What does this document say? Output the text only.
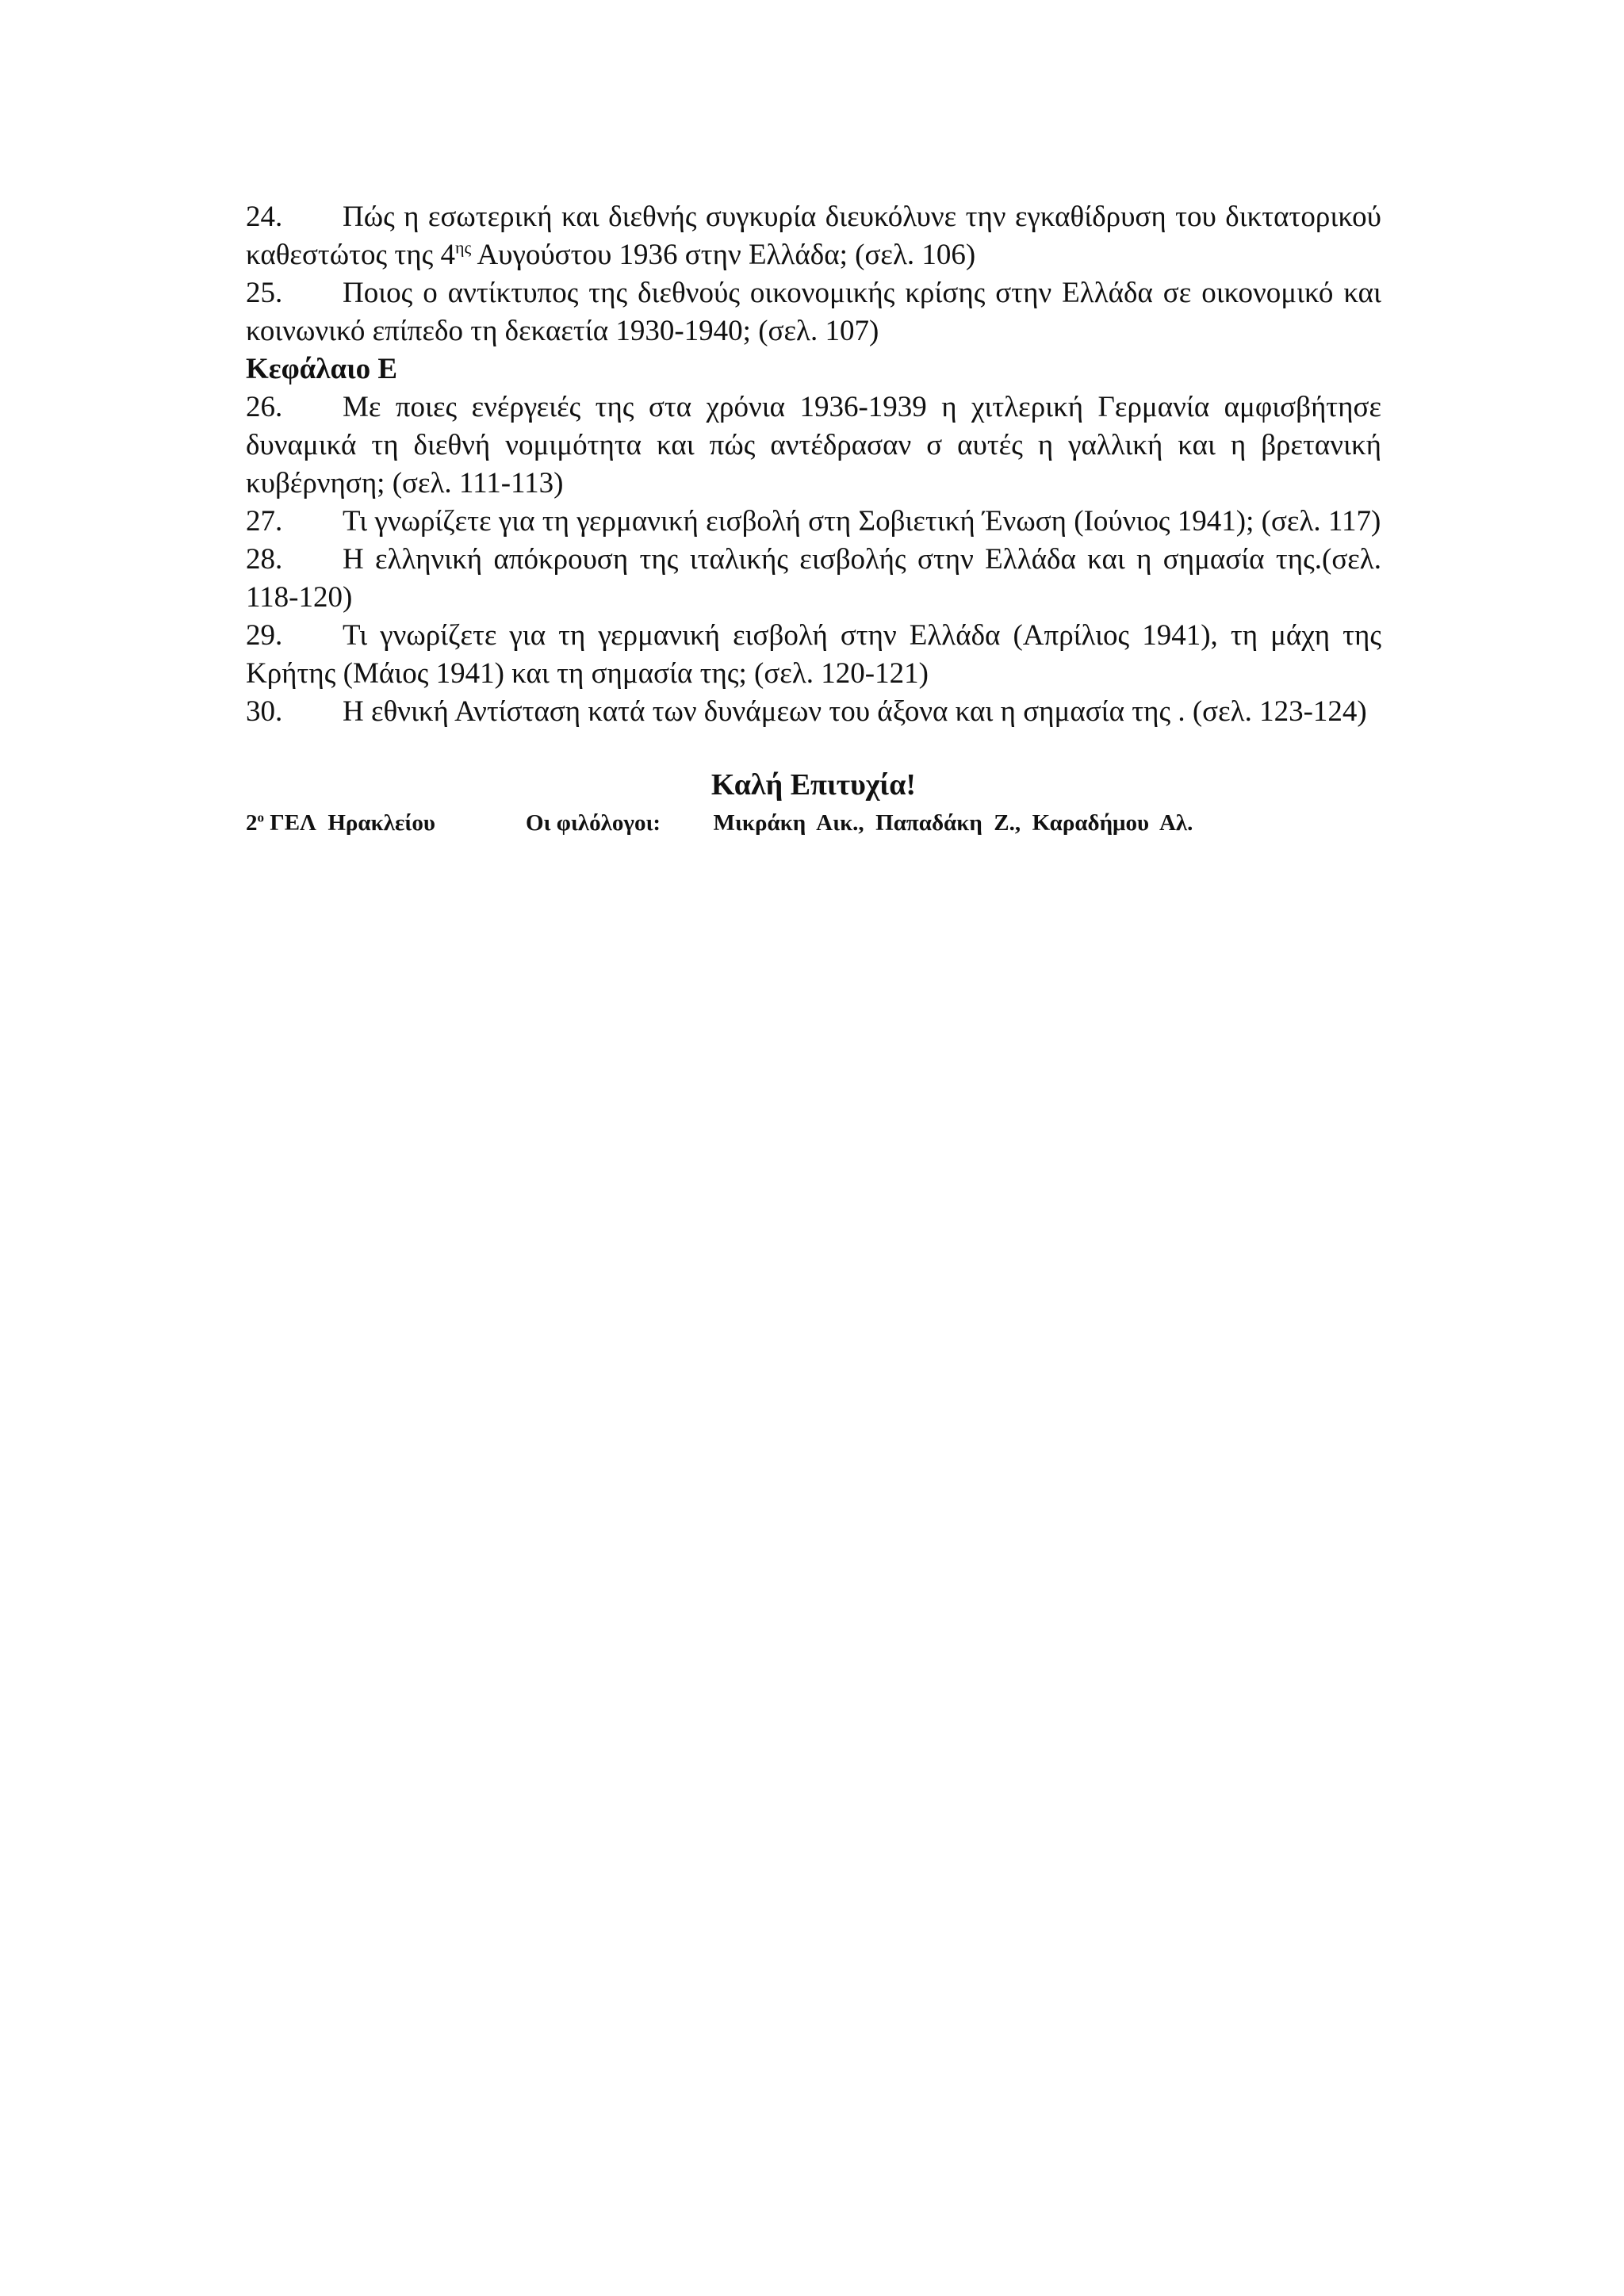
24. Πώς η εσωτερική και διεθνής συγκυρία διευκόλυνε την εγκαθίδρυση του δικτατορικού καθεστώτος της $4^{\eta\varsigma}$ Αυγούστου 1936 στην Ελλάδα; (σελ. 106)

25. Ποιος ο αντίκτυπος της διεθνούς οικονομικής κρίσης στην Ελλάδα σε οικονομικό και κοινωνικό επίπεδο τη δεκαετία 1930-1940; (σελ. 107)

Κεφάλαιο Ε

26. Με ποιες ενέργειές της στα χρόνια 1936-1939 η χιτλερική Γερμανία αμφισβήτησε δυναμικά τη διεθνή νομιμότητα και πώς αντέδρασαν σ αυτές η γαλλική και η βρετανική κυβέρνηση; (σελ. 111-113)

27. Τι γνωρίζετε για τη γερμανική εισβολή στη Σοβιετική Ένωση (Ιούνιος 1941); (σελ. 117)

28. Η ελληνική απόκρουση της ιταλικής εισβολής στην Ελλάδα και η σημασία της.(σελ. 118-120)

29. Τι γνωρίζετε για τη γερμανική εισβολή στην Ελλάδα (Απρίλιος 1941), τη μάχη της Κρήτης (Μάιος 1941) και τη σημασία της; (σελ. 120-121)

30. Η εθνική Αντίσταση κατά των δυνάμεων του άξονα και η σημασία της . (σελ. 123-124)

Καλή Επιτυχία!
$2^o$ ΓΕΛ  Ηρακλείου	Οι φιλόλογοι:  Μικράκη  Αικ.,  Παπαδάκη  Ζ.,  Καραδήμου  Αλ.
